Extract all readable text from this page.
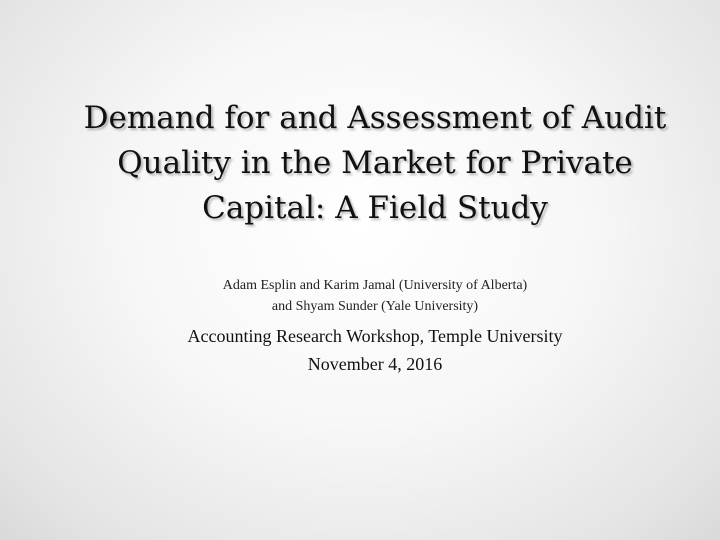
Demand for and Assessment of Audit
Quality in the Market for Private
Capital: A Field Study
Adam Esplin and Karim Jamal (University of Alberta)
and Shyam Sunder (Yale University)
Accounting Research Workshop, Temple University
November 4, 2016
